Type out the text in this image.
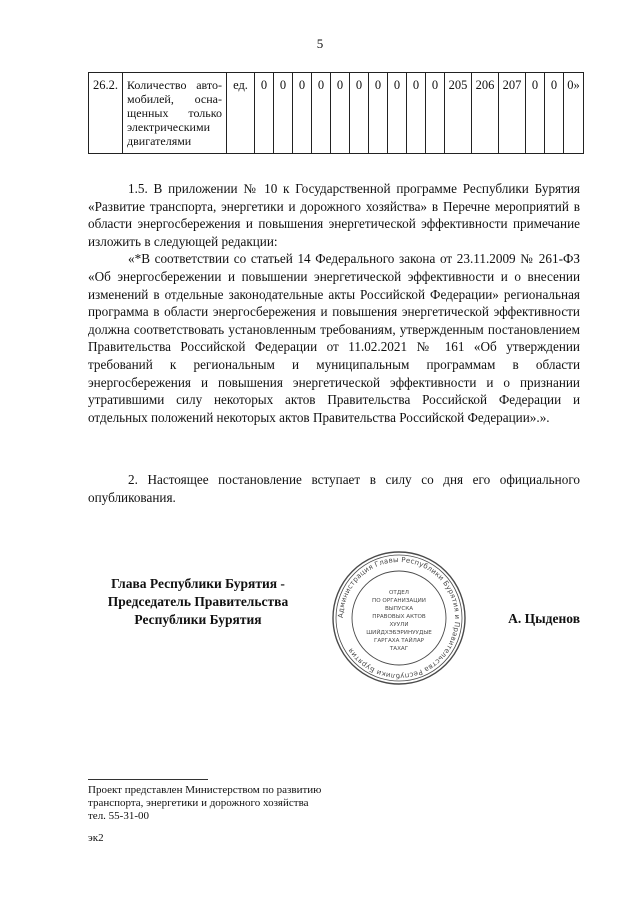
5
26.2.	Количество авто-мобилей, осна-щенных только электрическими двигателями	ед.	0	0	0	0	0	0	0	0	0	0	205	206	207	0	0	0»

1.5. В приложении № 10 к Государственной программе Республики Бурятия «Развитие транспорта, энергетики и дорожного хозяйства» в Перечне мероприятий в области энергосбережения и повышения энергетической эффективности примечание изложить в следующей редакции:

«*В соответствии со статьей 14 Федерального закона от 23.11.2009 № 261-ФЗ «Об энергосбережении и повышении энергетической эффективности и о внесении изменений в отдельные законодательные акты Российской Федерации» региональная программа в области энергосбережения и повышения энергетической эффективности должна соответствовать установленным требованиям, утвержденным постановлением Правительства Российской Федерации от 11.02.2021 № 161 «Об утверждении требований к региональным и муниципальным программам в области энергосбережения и повышения энергетической эффективности и о признании утратившими силу некоторых актов Правительства Российской Федерации и отдельных положений некоторых актов Правительства Российской Федерации».».

2. Настоящее постановление вступает в силу со дня его официального опубликования.

Глава Республики Бурятия -
Председатель Правительства
Республики Бурятия	Администрация Главы Республики Бурятия и Правительства Республики Бурятия
ОТДЕЛ
ПО ОРГАНИЗАЦИИ
ВЫПУСКА
ПРАВОВЫХ АКТОВ
ХУУЛИ
ШИЙДХЭБЭРИНУУДЫЕ
ГАРГАХА ТАЙЛАР
ТАХАГ
А. Цыденов
Проект представлен Министерством по развитию
транспорта, энергетики и дорожного хозяйства
тел. 55-31-00
эк2
